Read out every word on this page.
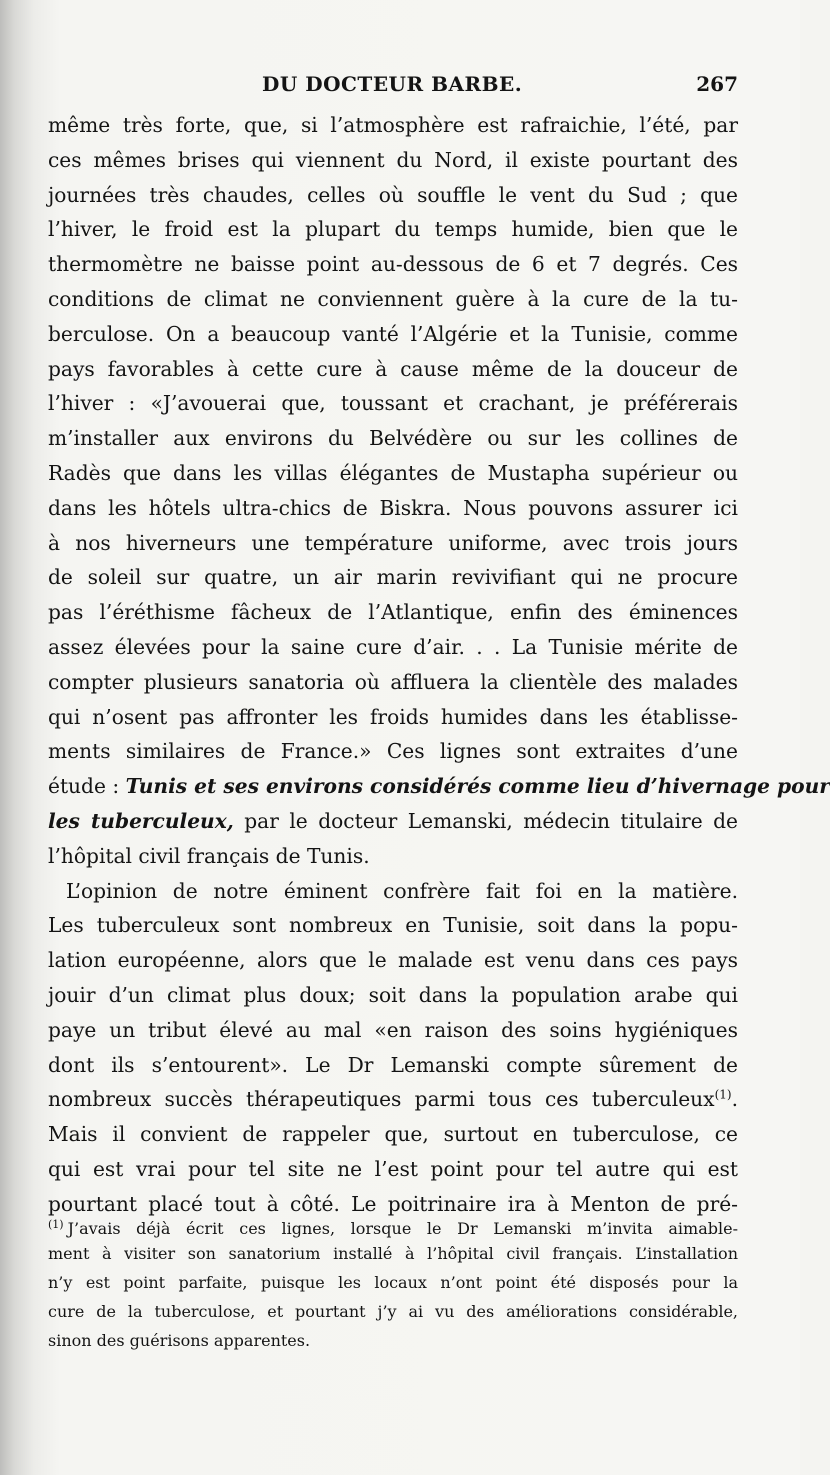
DU DOCTEUR BARBE.	267
même très forte, que, si l’atmosphère est rafraichie, l’été, par
ces mêmes brises qui viennent du Nord, il existe pourtant des
journées très chaudes, celles où souffle le vent du Sud ; que
l’hiver, le froid est la plupart du temps humide, bien que le
thermomètre ne baisse point au-dessous de 6 et 7 degrés. Ces
conditions de climat ne conviennent guère à la cure de la tu-
berculose. On a beaucoup vanté l’Algérie et la Tunisie, comme
pays favorables à cette cure à cause même de la douceur de
l’hiver : «J’avouerai que, toussant et crachant, je préférerais
m’installer aux environs du Belvédère ou sur les collines de
Radès que dans les villas élégantes de Mustapha supérieur ou
dans les hôtels ultra-chics de Biskra. Nous pouvons assurer ici
à nos hiverneurs une température uniforme, avec trois jours
de soleil sur quatre, un air marin revivifiant qui ne procure
pas l’éréthisme fâcheux de l’Atlantique, enfin des éminences
assez élevées pour la saine cure d’air. . . La Tunisie mérite de
compter plusieurs sanatoria où affluera la clientèle des malades
qui n’osent pas affronter les froids humides dans les établisse-
ments similaires de France.» Ces lignes sont extraites d’une
étude : Tunis et ses environs considérés comme lieu d’hivernage pour
les tuberculeux, par le docteur Lemanski, médecin titulaire de
l’hôpital civil français de Tunis.
L’opinion de notre éminent confrère fait foi en la matière.
Les tuberculeux sont nombreux en Tunisie, soit dans la popu-
lation européenne, alors que le malade est venu dans ces pays
jouir d’un climat plus doux; soit dans la population arabe qui
paye un tribut élevé au mal «en raison des soins hygiéniques
dont ils s’entourent». Le Dr Lemanski compte sûrement de
nombreux succès thérapeutiques parmi tous ces tuberculeux$^{(1)}$.
Mais il convient de rappeler que, surtout en tuberculose, ce
qui est vrai pour tel site ne l’est point pour tel autre qui est
pourtant placé tout à côté. Le poitrinaire ira à Menton de pré-
$^{(1)}$ J’avais déjà écrit ces lignes, lorsque le Dr Lemanski m’invita aimable-
ment à visiter son sanatorium installé à l’hôpital civil français. L’installation
n’y est point parfaite, puisque les locaux n’ont point été disposés pour la
cure de la tuberculose, et pourtant j’y ai vu des améliorations considérable,
sinon des guérisons apparentes.
